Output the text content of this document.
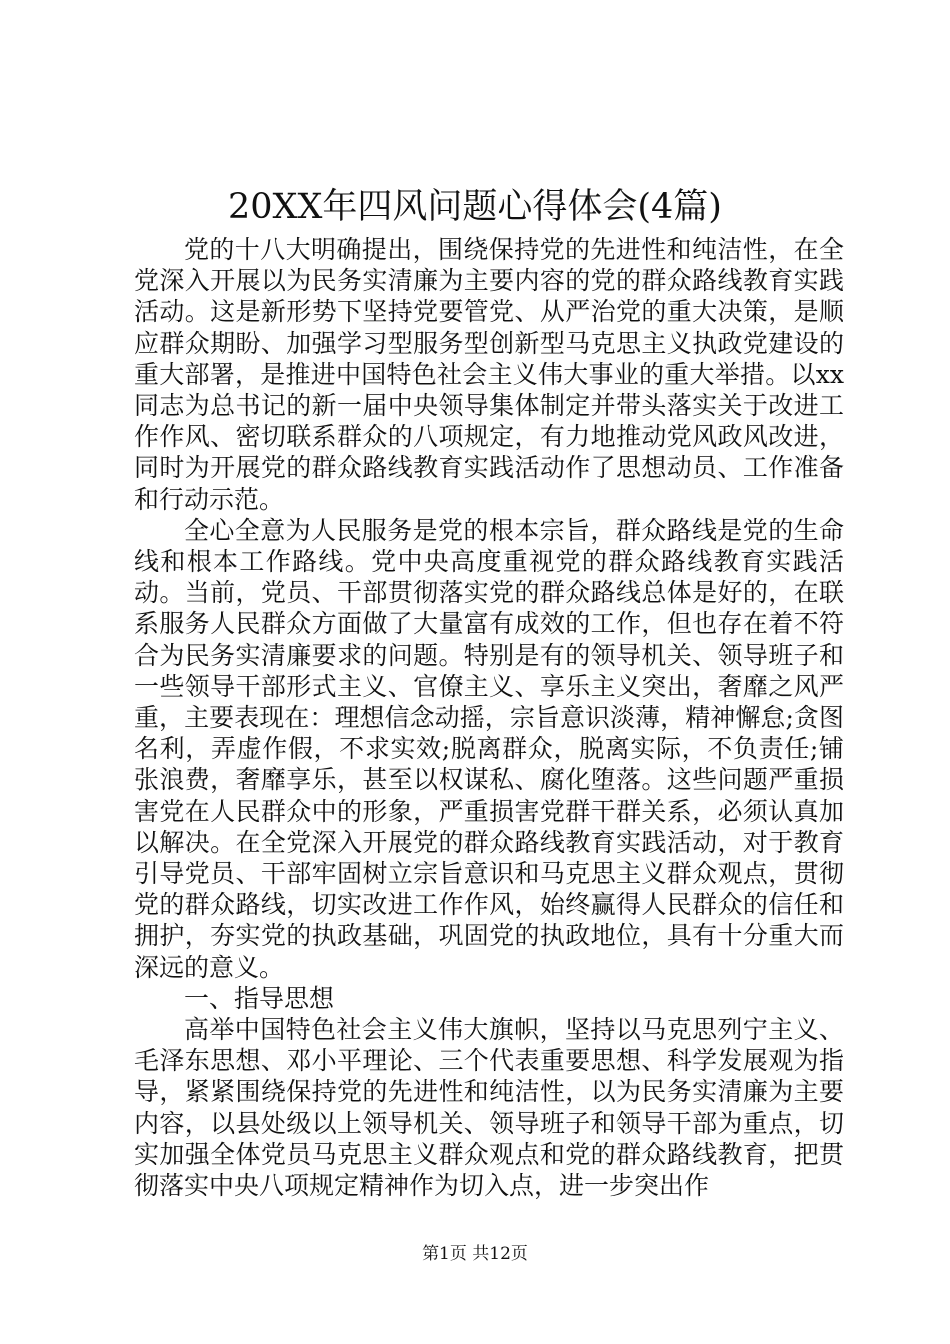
20XX年四风问题心得体会(4篇)

党的十八大明确提出，围绕保持党的先进性和纯洁性，在全党深入开展以为民务实清廉为主要内容的党的群众路线教育实践活动。这是新形势下坚持党要管党、从严治党的重大决策，是顺应群众期盼、加强学习型服务型创新型马克思主义执政党建设的重大部署，是推进中国特色社会主义伟大事业的重大举措。以xx同志为总书记的新一届中央领导集体制定并带头落实关于改进工作作风、密切联系群众的八项规定，有力地推动党风政风改进，同时为开展党的群众路线教育实践活动作了思想动员、工作准备和行动示范。

全心全意为人民服务是党的根本宗旨，群众路线是党的生命线和根本工作路线。党中央高度重视党的群众路线教育实践活动。当前，党员、干部贯彻落实党的群众路线总体是好的，在联系服务人民群众方面做了大量富有成效的工作，但也存在着不符合为民务实清廉要求的问题。特别是有的领导机关、领导班子和一些领导干部形式主义、官僚主义、享乐主义突出，奢靡之风严重，主要表现在：理想信念动摇，宗旨意识淡薄，精神懈怠;贪图名利，弄虚作假，不求实效;脱离群众，脱离实际，不负责任;铺张浪费，奢靡享乐，甚至以权谋私、腐化堕落。这些问题严重损害党在人民群众中的形象，严重损害党群干群关系，必须认真加以解决。在全党深入开展党的群众路线教育实践活动，对于教育引导党员、干部牢固树立宗旨意识和马克思主义群众观点，贯彻党的群众路线，切实改进工作作风，始终赢得人民群众的信任和拥护，夯实党的执政基础，巩固党的执政地位，具有十分重大而深远的意义。

一、指导思想

高举中国特色社会主义伟大旗帜，坚持以马克思列宁主义、毛泽东思想、邓小平理论、三个代表重要思想、科学发展观为指导，紧紧围绕保持党的先进性和纯洁性，以为民务实清廉为主要内容，以县处级以上领导机关、领导班子和领导干部为重点，切实加强全体党员马克思主义群众观点和党的群众路线教育，把贯彻落实中央八项规定精神作为切入点，进一步突出作

第1页 共12页
